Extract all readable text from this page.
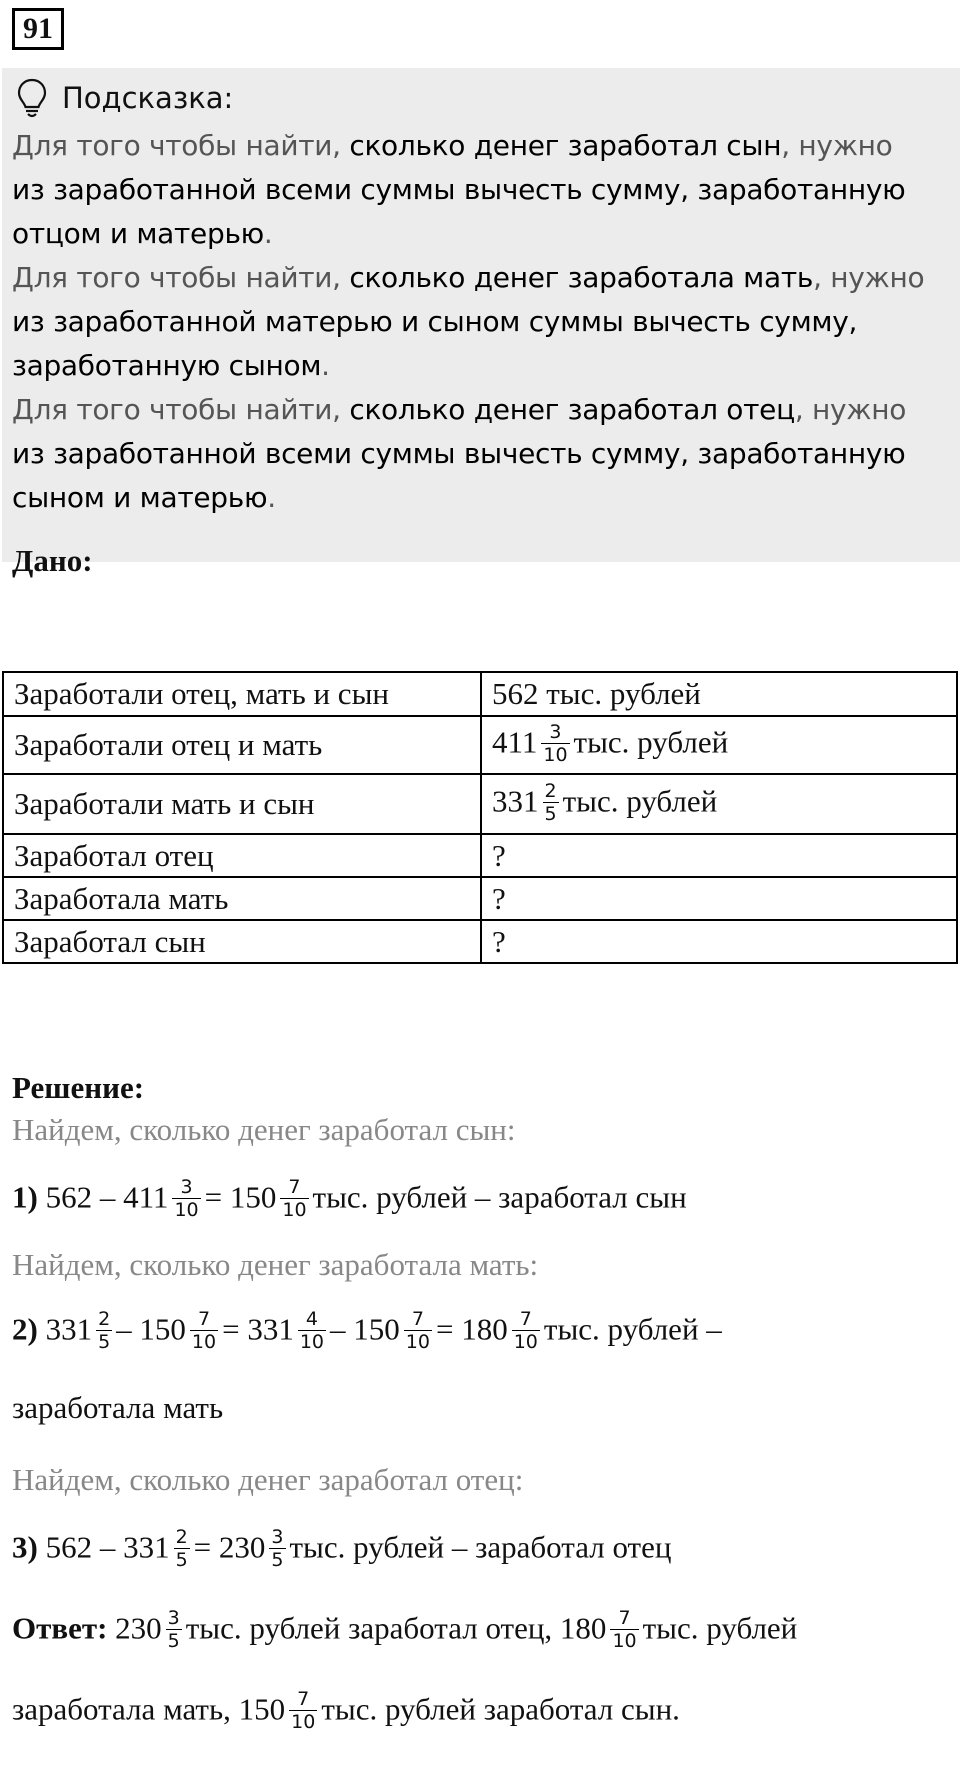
91
Подсказка:
Для того чтобы найти, сколько денег заработал сын, нужно
из заработанной всеми суммы вычесть сумму, заработанную
отцом и матерью.
Для того чтобы найти, сколько денег заработала мать, нужно
из заработанной матерью и сыном суммы вычесть сумму,
заработанную сыном.
Для того чтобы найти, сколько денег заработал отец, нужно
из заработанной всеми суммы вычесть сумму, заработанную
сыном и матерью.
Дано:
Заработали отец, мать и сын	562 тыс. рублей
Заработали отец и мать	$411 \frac{3}{10}$ тыс. рублей
Заработали мать и сын	$331 \frac{2}{5}$ тыс. рублей
Заработал отец	?
Заработала мать	?
Заработал сын	?
Решение:
Найдем, сколько денег заработал сын:
1) $562 - 411 \frac{3}{10} = 150 \frac{7}{10}$ тыс. рублей – заработал сын
Найдем, сколько денег заработала мать:
2) $331 \frac{2}{5} - 150 \frac{7}{10} = 331 \frac{4}{10} - 150 \frac{7}{10} = 180 \frac{7}{10}$ тыс. рублей –
заработала мать
Найдем, сколько денег заработал отец:
3) $562 - 331 \frac{2}{5} = 230 \frac{3}{5}$ тыс. рублей – заработал отец
Ответ: $230 \frac{3}{5}$ тыс. рублей заработал отец, $180 \frac{7}{10}$ тыс. рублей
заработала мать, $150 \frac{7}{10}$ тыс. рублей заработал сын.
